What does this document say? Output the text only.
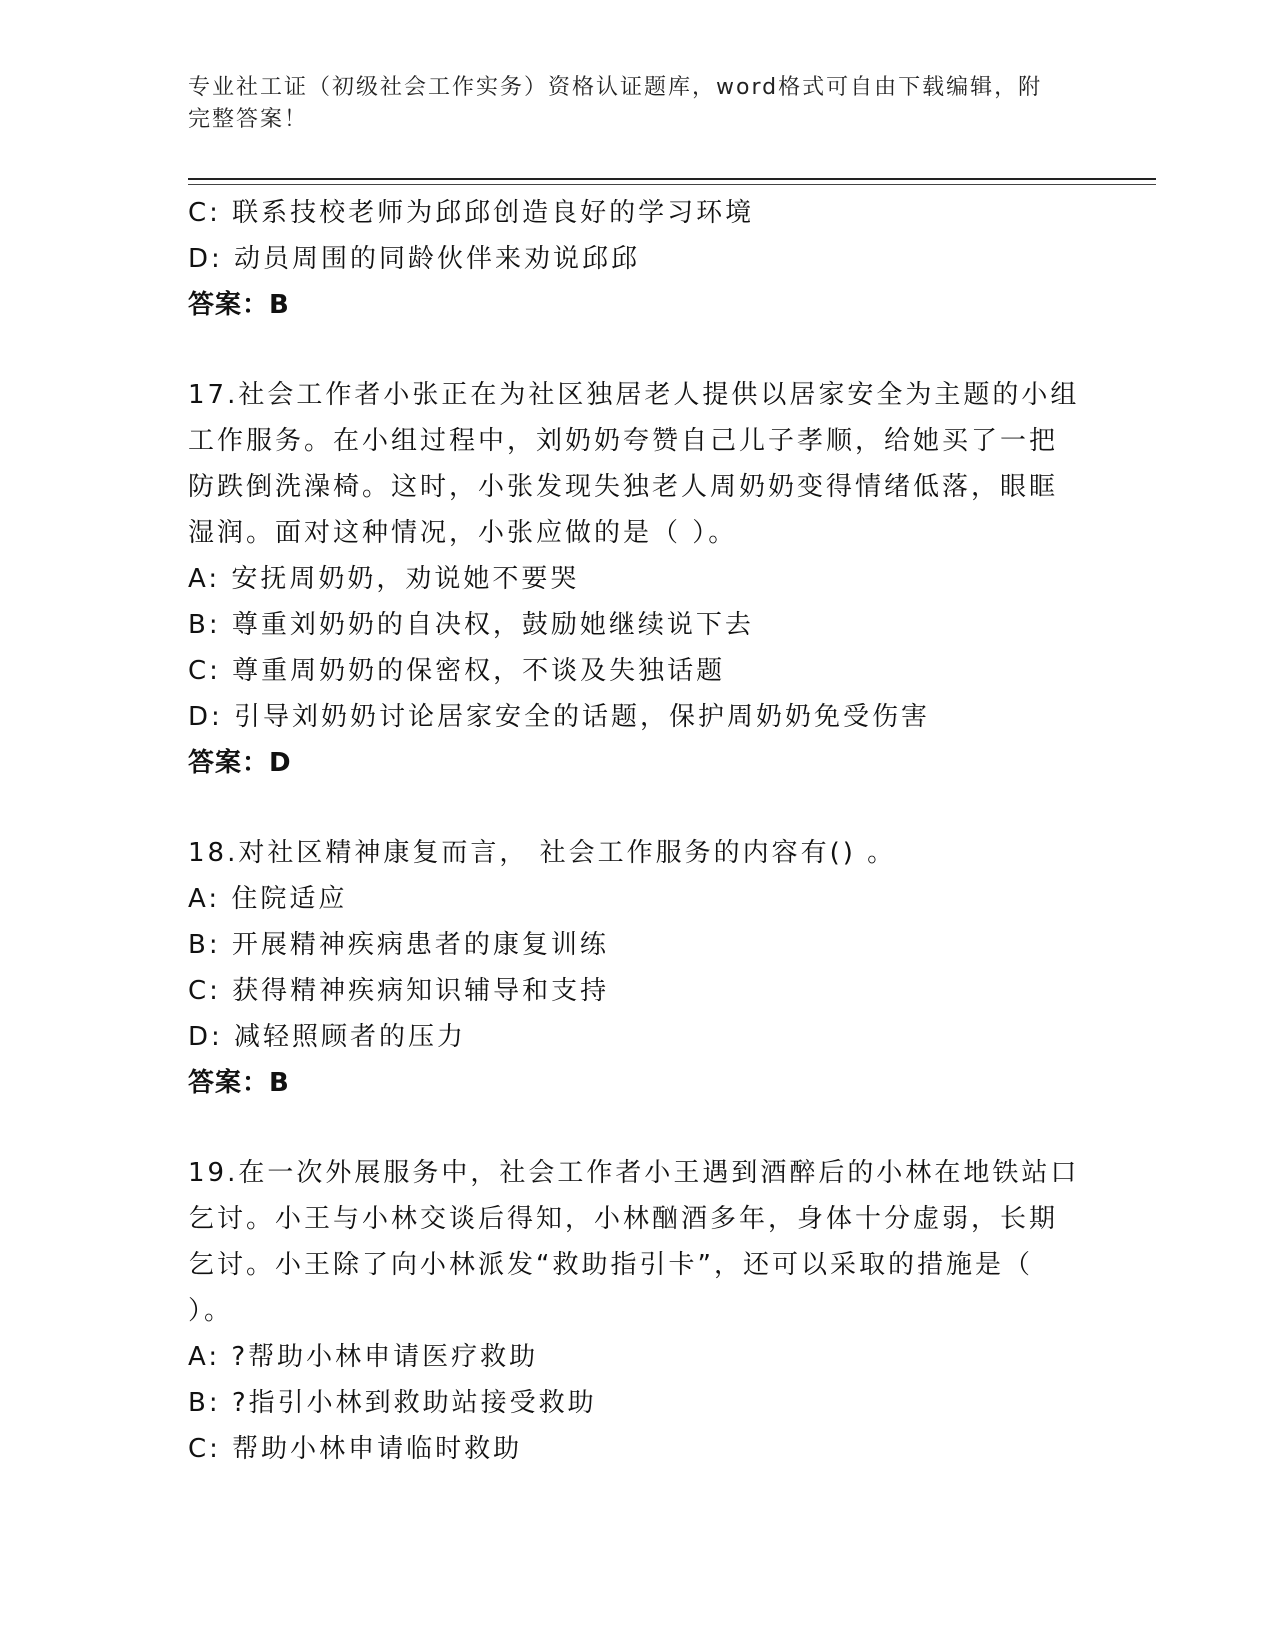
专业社工证（初级社会工作实务）资格认证题库，word格式可自由下载编辑，附
完整答案！
C: 联系技校老师为邱邱创造良好的学习环境
D: 动员周围的同龄伙伴来劝说邱邱
答案：B
17.社会工作者小张正在为社区独居老人提供以居家安全为主题的小组
工作服务。在小组过程中，刘奶奶夸赞自己儿子孝顺，给她买了一把
防跌倒洗澡椅。这时，小张发现失独老人周奶奶变得情绪低落，眼眶
湿润。面对这种情况，小张应做的是（ ）。
A: 安抚周奶奶，劝说她不要哭
B: 尊重刘奶奶的自决权，鼓励她继续说下去
C: 尊重周奶奶的保密权，不谈及失独话题
D: 引导刘奶奶讨论居家安全的话题，保护周奶奶免受伤害
答案：D
18.对社区精神康复而言， 社会工作服务的内容有() 。
A: 住院适应
B: 开展精神疾病患者的康复训练
C: 获得精神疾病知识辅导和支持
D: 减轻照顾者的压力
答案：B
19.在一次外展服务中，社会工作者小王遇到酒醉后的小林在地铁站口
乞讨。小王与小林交谈后得知，小林酗酒多年，身体十分虚弱，长期
乞讨。小王除了向小林派发“救助指引卡”，还可以采取的措施是（
）。
A: ?帮助小林申请医疗救助
B: ?指引小林到救助站接受救助
C: 帮助小林申请临时救助
